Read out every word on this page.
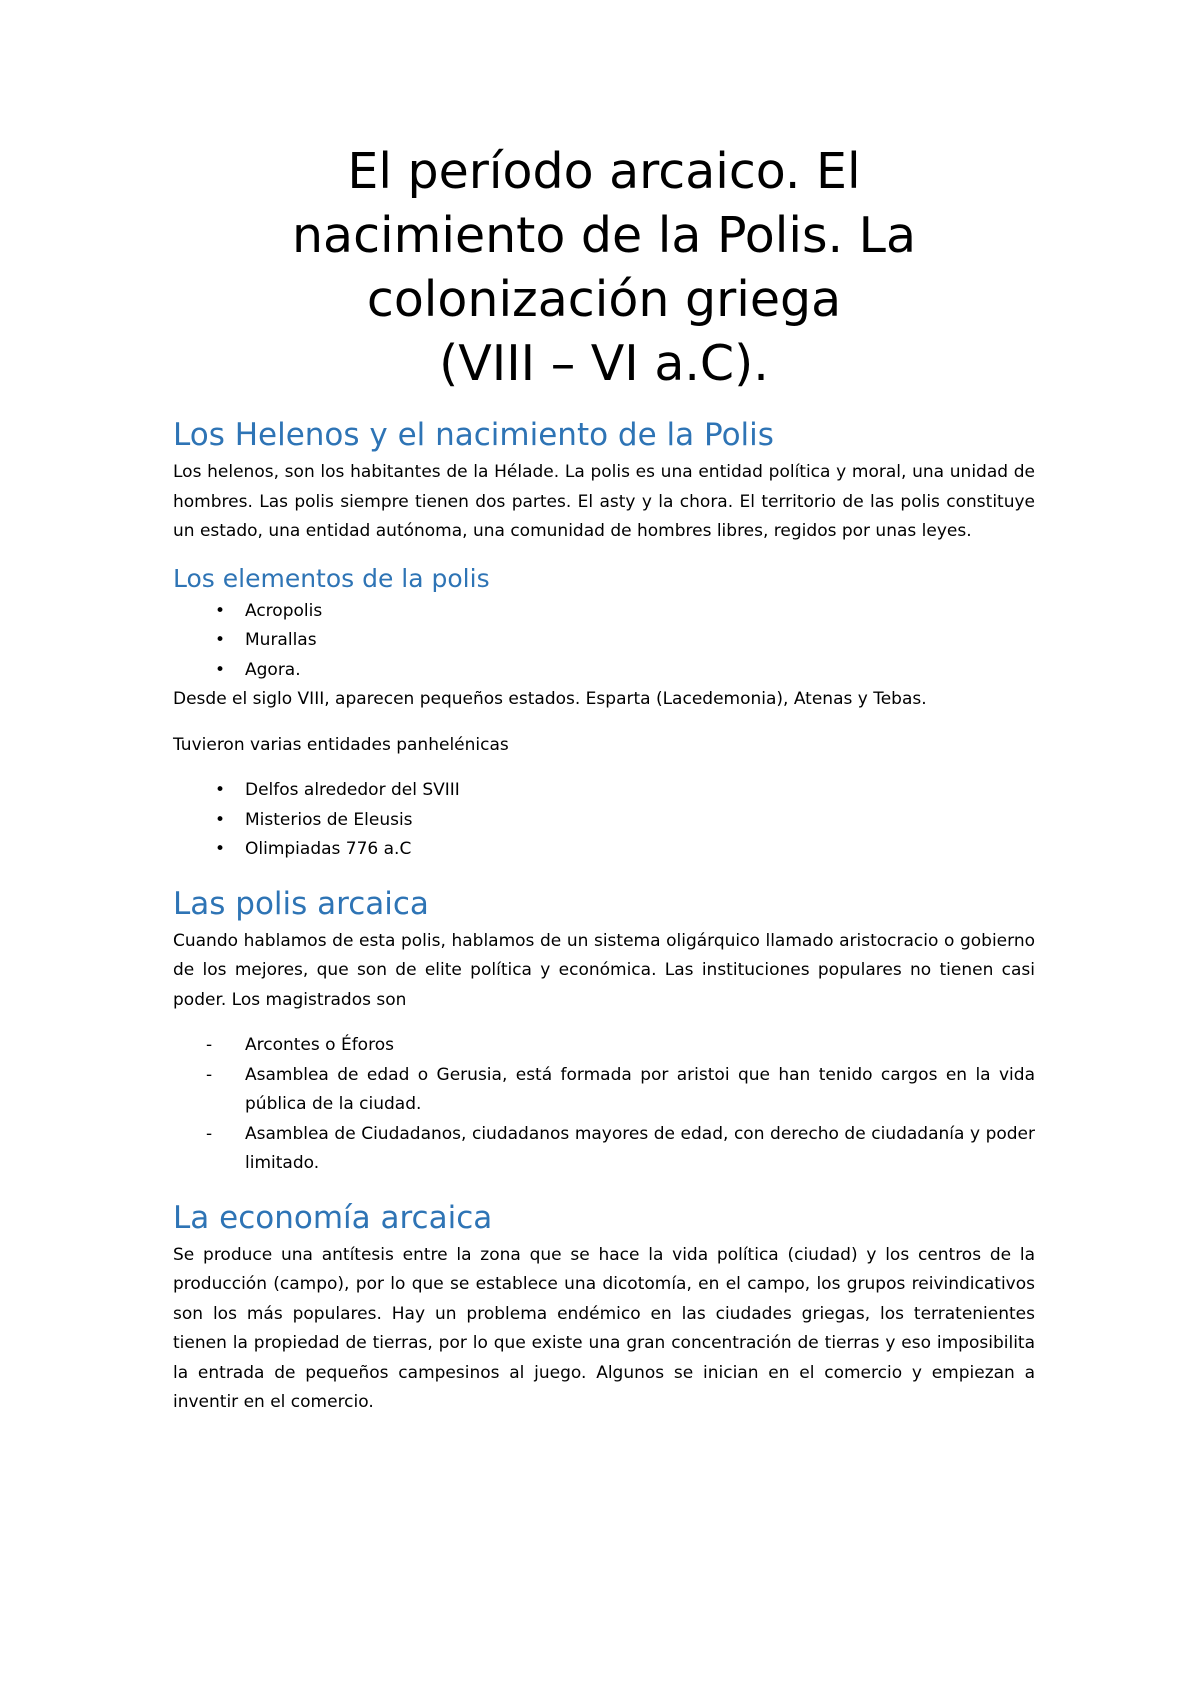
El período arcaico. El
nacimiento de la Polis. La
colonización griega
(VIII – VI a.C).
Los Helenos y el nacimiento de la Polis

Los helenos, son los habitantes de la Hélade. La polis es una entidad política y moral, una unidad de hombres. Las polis siempre tienen dos partes. El asty y la chora. El territorio de las polis constituye un estado, una entidad autónoma, una comunidad de hombres libres, regidos por unas leyes.

Los elementos de la polis
• Acropolis
• Murallas
• Agora.

Desde el siglo VIII, aparecen pequeños estados. Esparta (Lacedemonia), Atenas y Tebas.

Tuvieron varias entidades panhelénicas

• Delfos alrededor del SVIII
• Misterios de Eleusis
• Olimpiadas 776 a.C
Las polis arcaica

Cuando hablamos de esta polis, hablamos de un sistema oligárquico llamado aristocracio o gobierno de los mejores, que son de elite política y económica. Las instituciones populares no tienen casi poder. Los magistrados son

- Arcontes o Éforos
- Asamblea de edad o Gerusia, está formada por aristoi que han tenido cargos en la vida pública de la ciudad.
- Asamblea de Ciudadanos, ciudadanos mayores de edad, con derecho de ciudadanía y poder limitado.
La economía arcaica

Se produce una antítesis entre la zona que se hace la vida política (ciudad) y los centros de la producción (campo), por lo que se establece una dicotomía, en el campo, los grupos reivindicativos son los más populares. Hay un problema endémico en las ciudades griegas, los terratenientes tienen la propiedad de tierras, por lo que existe una gran concentración de tierras y eso imposibilita la entrada de pequeños campesinos al juego. Algunos se inician en el comercio y empiezan a inventir en el comercio.
